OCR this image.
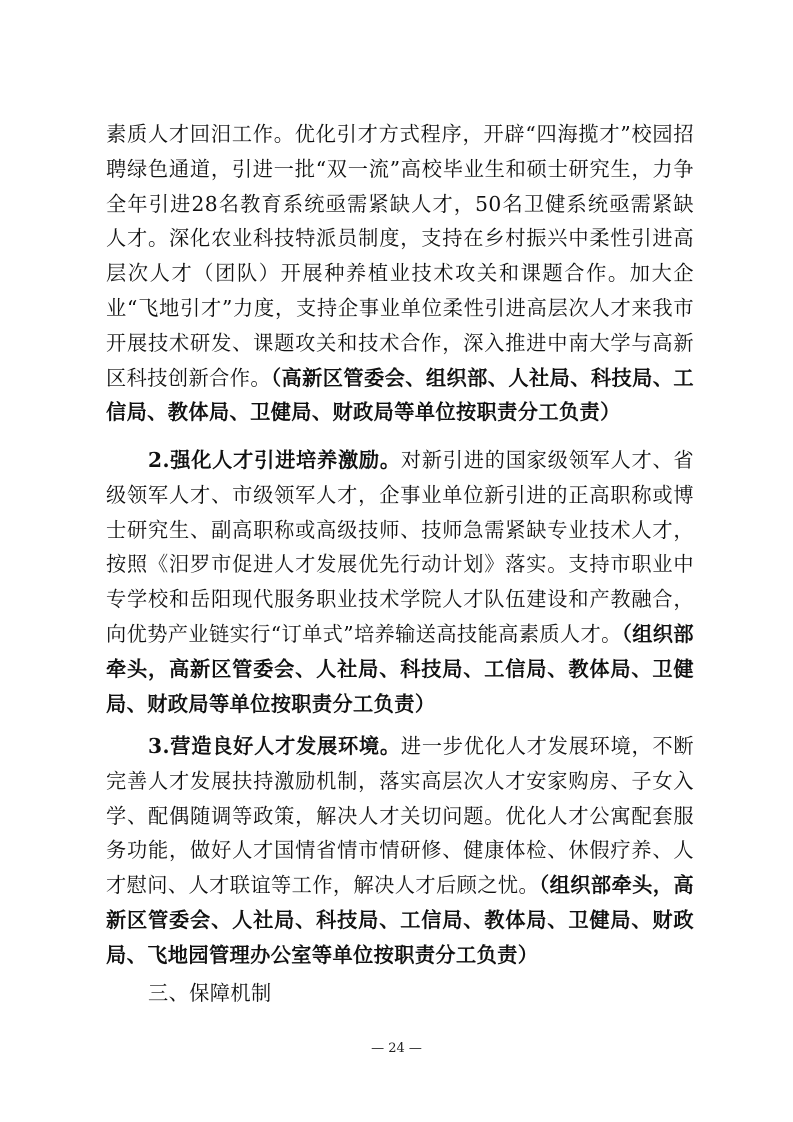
素质人才回汨工作。优化引才方式程序，开辟“四海揽才”校园招聘绿色通道，引进一批“双一流”高校毕业生和硕士研究生，力争全年引进28名教育系统亟需紧缺人才，50名卫健系统亟需紧缺人才。深化农业科技特派员制度，支持在乡村振兴中柔性引进高层次人才（团队）开展种养植业技术攻关和课题合作。加大企业“飞地引才”力度，支持企事业单位柔性引进高层次人才来我市开展技术研发、课题攻关和技术合作，深入推进中南大学与高新区科技创新合作。（高新区管委会、组织部、人社局、科技局、工信局、教体局、卫健局、财政局等单位按职责分工负责）

2.强化人才引进培养激励。对新引进的国家级领军人才、省级领军人才、市级领军人才，企事业单位新引进的正高职称或博士研究生、副高职称或高级技师、技师急需紧缺专业技术人才，按照《汨罗市促进人才发展优先行动计划》落实。支持市职业中专学校和岳阳现代服务职业技术学院人才队伍建设和产教融合，向优势产业链实行“订单式”培养输送高技能高素质人才。（组织部牵头，高新区管委会、人社局、科技局、工信局、教体局、卫健局、财政局等单位按职责分工负责）

3.营造良好人才发展环境。进一步优化人才发展环境，不断完善人才发展扶持激励机制，落实高层次人才安家购房、子女入学、配偶随调等政策，解决人才关切问题。优化人才公寓配套服务功能，做好人才国情省情市情研修、健康体检、休假疗养、人才慰问、人才联谊等工作，解决人才后顾之忧。（组织部牵头，高新区管委会、人社局、科技局、工信局、教体局、卫健局、财政局、飞地园管理办公室等单位按职责分工负责）

三、保障机制

— 24 —
